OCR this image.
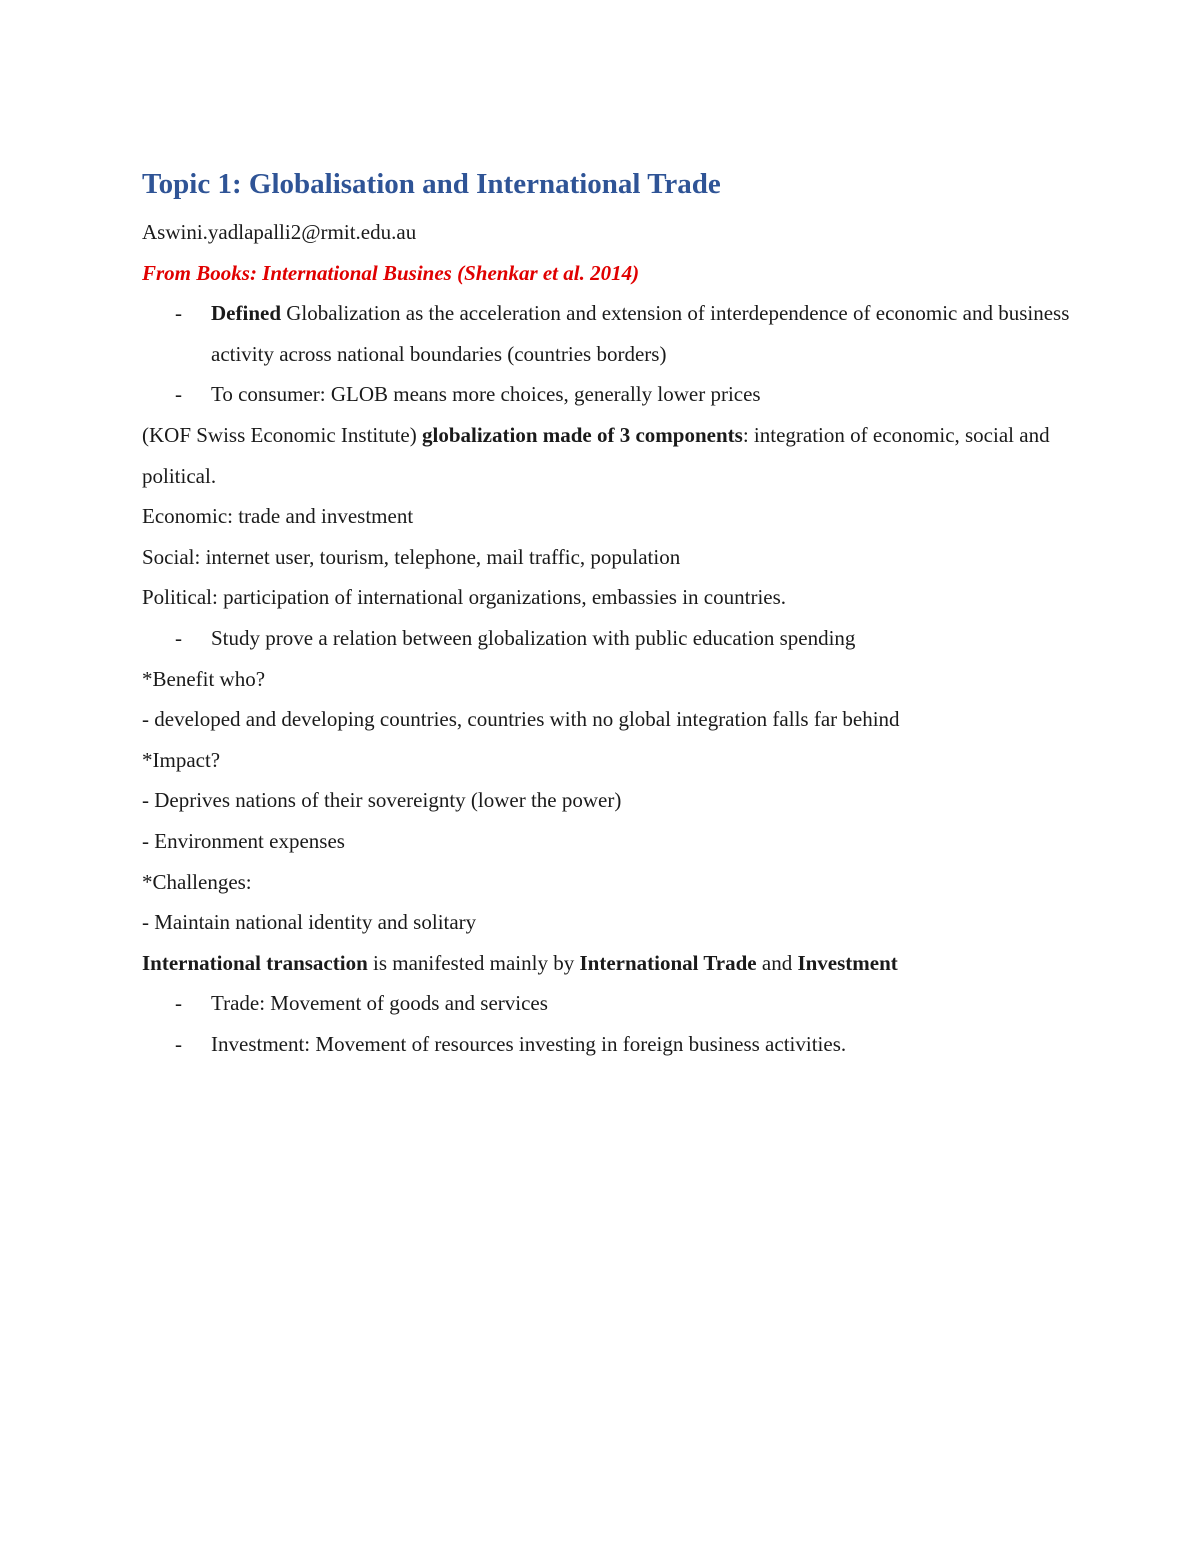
Topic 1: Globalisation and International Trade

Aswini.yadlapalli2@rmit.edu.au

From Books: International Busines (Shenkar et al. 2014)

- Defined Globalization as the acceleration and extension of interdependence of economic and business activity across national boundaries (countries borders)

- To consumer: GLOB means more choices, generally lower prices

(KOF Swiss Economic Institute) globalization made of 3 components: integration of economic, social and political.

Economic: trade and investment

Social: internet user, tourism, telephone, mail traffic, population

Political: participation of international organizations, embassies in countries.

- Study prove a relation between globalization with public education spending

*Benefit who?

- developed and developing countries, countries with no global integration falls far behind

*Impact?

- Deprives nations of their sovereignty (lower the power)

- Environment expenses

*Challenges:

- Maintain national identity and solitary

International transaction is manifested mainly by International Trade and Investment

- Trade: Movement of goods and services

- Investment: Movement of resources investing in foreign business activities.
